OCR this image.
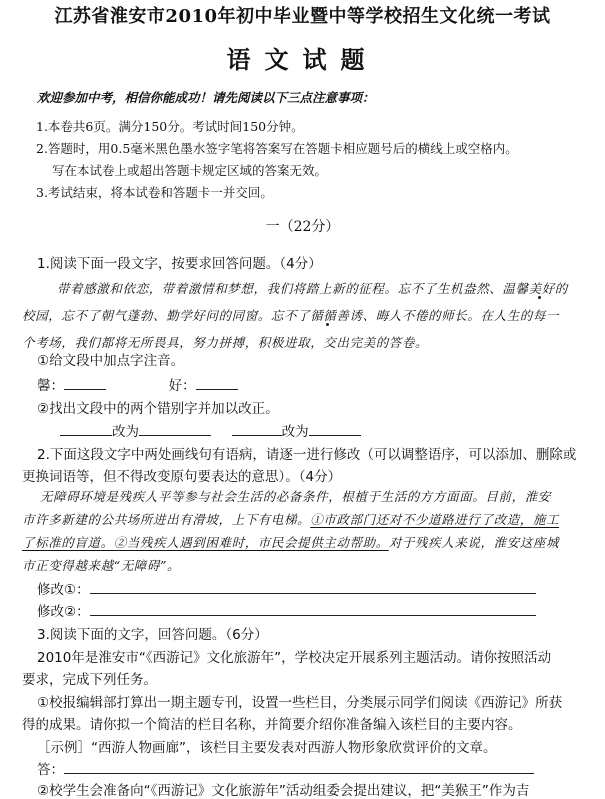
江苏省淮安市2010年初中毕业暨中等学校招生文化统一考试
语文试题
欢迎参加中考，相信你能成功！请先阅读以下三点注意事项：
1.本卷共6页。满分150分。考试时间150分钟。
2.答题时，用0.5毫米黑色墨水签字笔将答案写在答题卡相应题号后的横线上或空格内。
写在本试卷上或超出答题卡规定区域的答案无效。
3.考试结束，将本试卷和答题卡一并交回。
一（22分）
1.阅读下面一段文字，按要求回答问题。（4分）
带着感激和依恋，带着激情和梦想，我们将踏上新的征程。忘不了生机盎然、温馨美好的
校园，忘不了朝气蓬勃、勤学好问的同窗。忘不了循循善诱、晦人不倦的师长。在人生的每一
个考场，我们都将无所畏具，努力拼搏，积极进取，交出完美的答卷。
①给文段中加点字注音。
馨：	好：
②找出文段中的两个错别字并加以改正。
改为	改为
2.下面这段文字中两处画线句有语病，请逐一进行修改（可以调整语序，可以添加、删除或
更换词语等，但不得改变原句要表达的意思）。（4分）
无障碍环境是残疾人平等参与社会生活的必备条件，根植于生活的方方面面。目前，淮安
市许多新建的公共场所进出有滑坡，上下有电梯。①市政部门还对不少道路进行了改造，施工
了标准的盲道。②当残疾人遇到困难时，市民会提供主动帮助。对于残疾人来说，淮安这座城
市正变得越来越“无障碍”。
修改①：
修改②：
3.阅读下面的文字，回答问题。（6分）
2010年是淮安市“《西游记》文化旅游年”，学校决定开展系列主题活动。请你按照活动
要求，完成下列任务。
①校报编辑部打算出一期主题专刊，设置一些栏目，分类展示同学们阅读《西游记》所获
得的成果。请你拟一个简洁的栏目名称，并简要介绍你准备编入该栏目的主要内容。
［示例］“西游人物画廊”，该栏目主要发表对西游人物形象欣赏评价的文章。
答：
②校学生会准备向“《西游记》文化旅游年”活动组委会提出建议，把“美猴王”作为吉
